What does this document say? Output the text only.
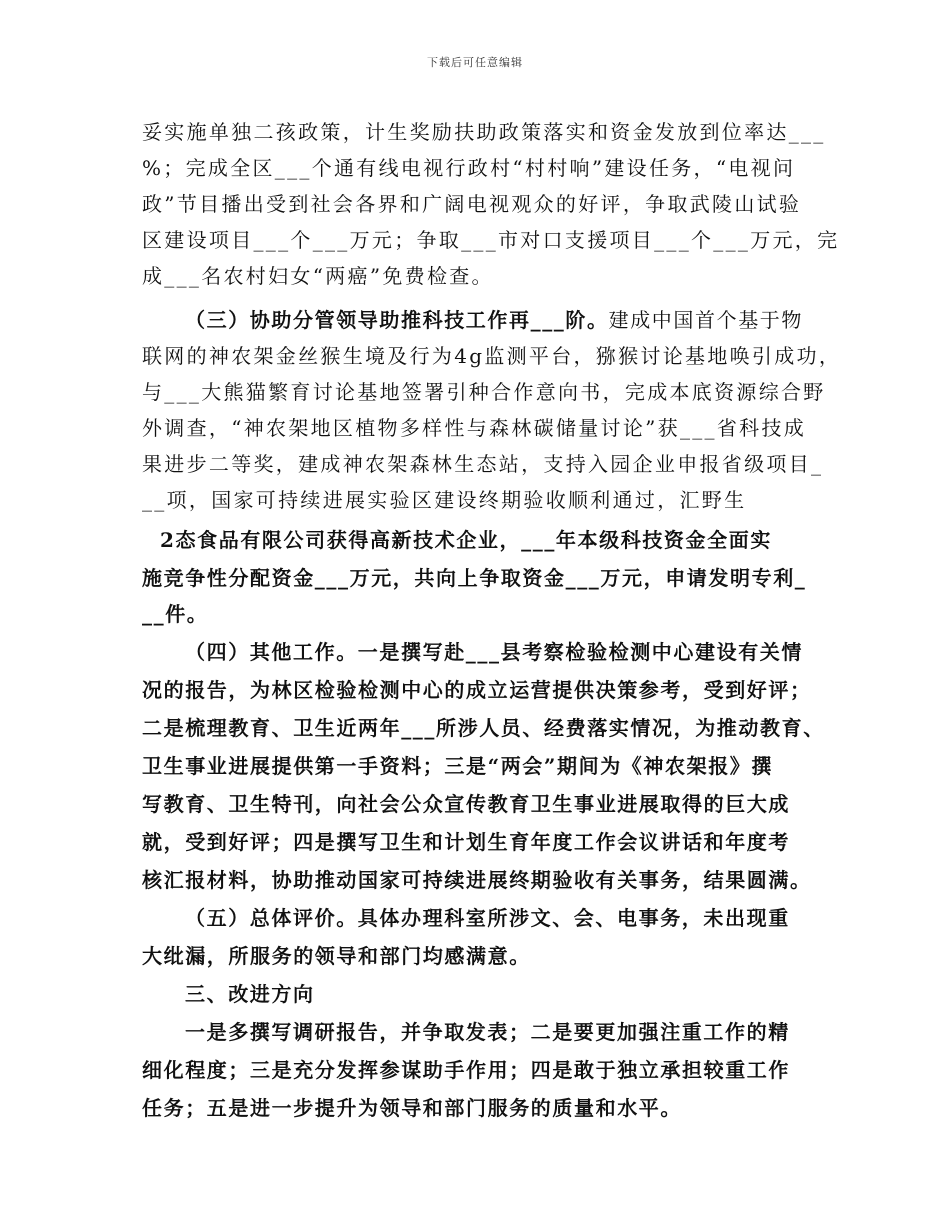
下载后可任意编辑
妥实施单独二孩政策，计生奖励扶助政策落实和资金发放到位率达___
%；完成全区___个通有线电视行政村“村村响”建设任务，“电视问
政”节目播出受到社会各界和广阔电视观众的好评，争取武陵山试验
区建设项目___个___万元；争取___市对口支援项目___个___万元，完
成___名农村妇女“两癌”免费检查。
（三）协助分管领导助推科技工作再___阶。建成中国首个基于物
联网的神农架金丝猴生境及行为4g监测平台，猕猴讨论基地唤引成功，
与___大熊猫繁育讨论基地签署引种合作意向书，完成本底资源综合野
外调查，“神农架地区植物多样性与森林碳储量讨论”获___省科技成
果进步二等奖，建成神农架森林生态站，支持入园企业申报省级项目_
__项，国家可持续进展实验区建设终期验收顺利通过，汇野生
2态食品有限公司获得高新技术企业，___年本级科技资金全面实
施竞争性分配资金___万元，共向上争取资金___万元，申请发明专利_
__件。
（四）其他工作。一是撰写赴___县考察检验检测中心建设有关情
况的报告，为林区检验检测中心的成立运营提供决策参考，受到好评；
二是梳理教育、卫生近两年___所涉人员、经费落实情况，为推动教育、
卫生事业进展提供第一手资料；三是“两会”期间为《神农架报》撰
写教育、卫生特刊，向社会公众宣传教育卫生事业进展取得的巨大成
就，受到好评；四是撰写卫生和计划生育年度工作会议讲话和年度考
核汇报材料，协助推动国家可持续进展终期验收有关事务，结果圆满。
（五）总体评价。具体办理科室所涉文、会、电事务，未出现重
大纰漏，所服务的领导和部门均感满意。
三、改进方向
一是多撰写调研报告，并争取发表；二是要更加强注重工作的精
细化程度；三是充分发挥参谋助手作用；四是敢于独立承担较重工作
任务；五是进一步提升为领导和部门服务的质量和水平。
